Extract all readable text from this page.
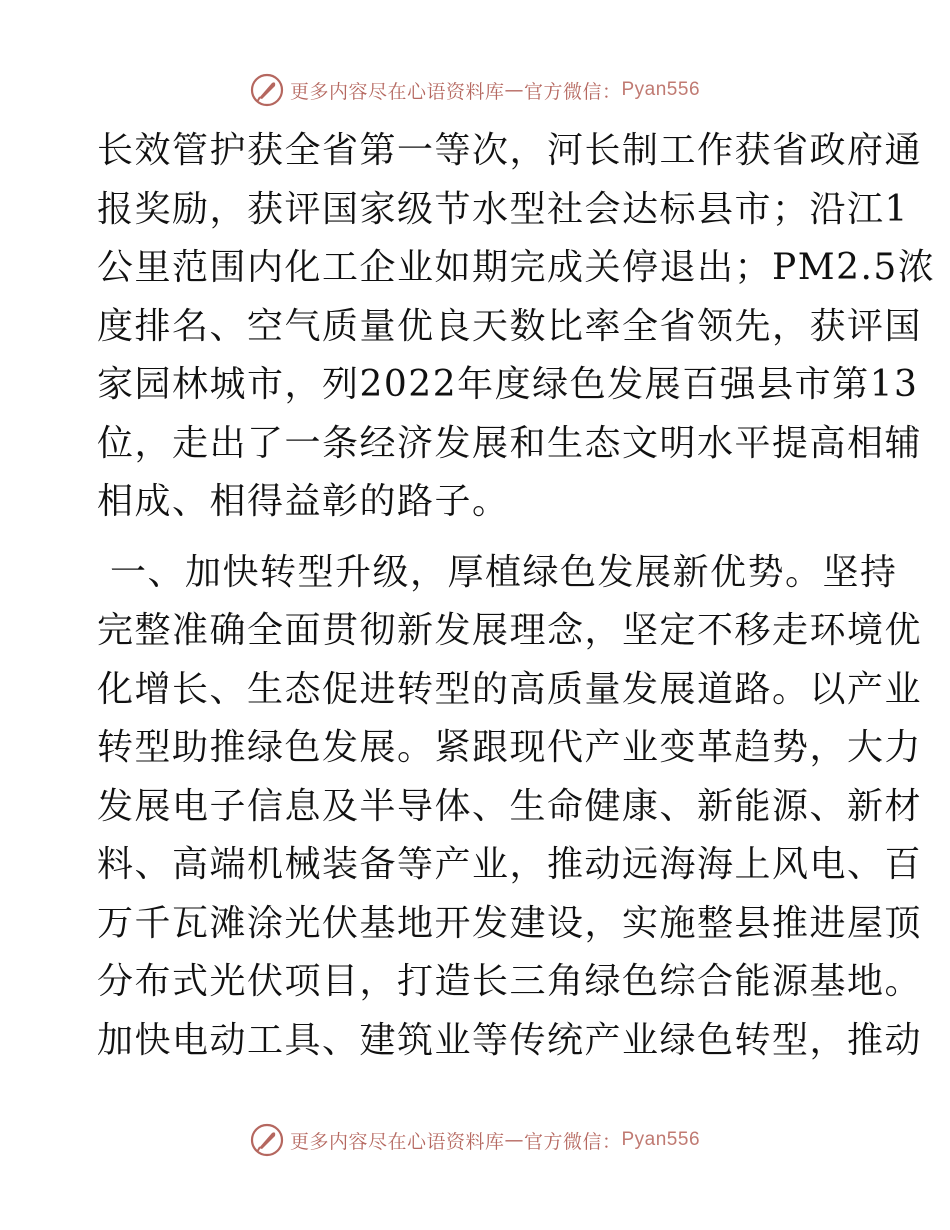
更多内容尽在心语资料库 — 官方微信： Pyan556

长效管护获全省第一等次，河长制工作获省政府通
报奖励，获评国家级节水型社会达标县市；沿江1
公里范围内化工企业如期完成关停退出；PM2.5浓
度排名、空气质量优良天数比率全省领先，获评国
家园林城市，列2022年度绿色发展百强县市第13
位，走出了一条经济发展和生态文明水平提高相辅
相成、相得益彰的路子。

一、加快转型升级，厚植绿色发展新优势。坚持
完整准确全面贯彻新发展理念，坚定不移走环境优
化增长、生态促进转型的高质量发展道路。以产业
转型助推绿色发展。紧跟现代产业变革趋势，大力
发展电子信息及半导体、生命健康、新能源、新材
料、高端机械装备等产业，推动远海海上风电、百
万千瓦滩涂光伏基地开发建设，实施整县推进屋顶
分布式光伏项目，打造长三角绿色综合能源基地。
加快电动工具、建筑业等传统产业绿色转型，推动

更多内容尽在心语资料库 — 官方微信： Pyan556
